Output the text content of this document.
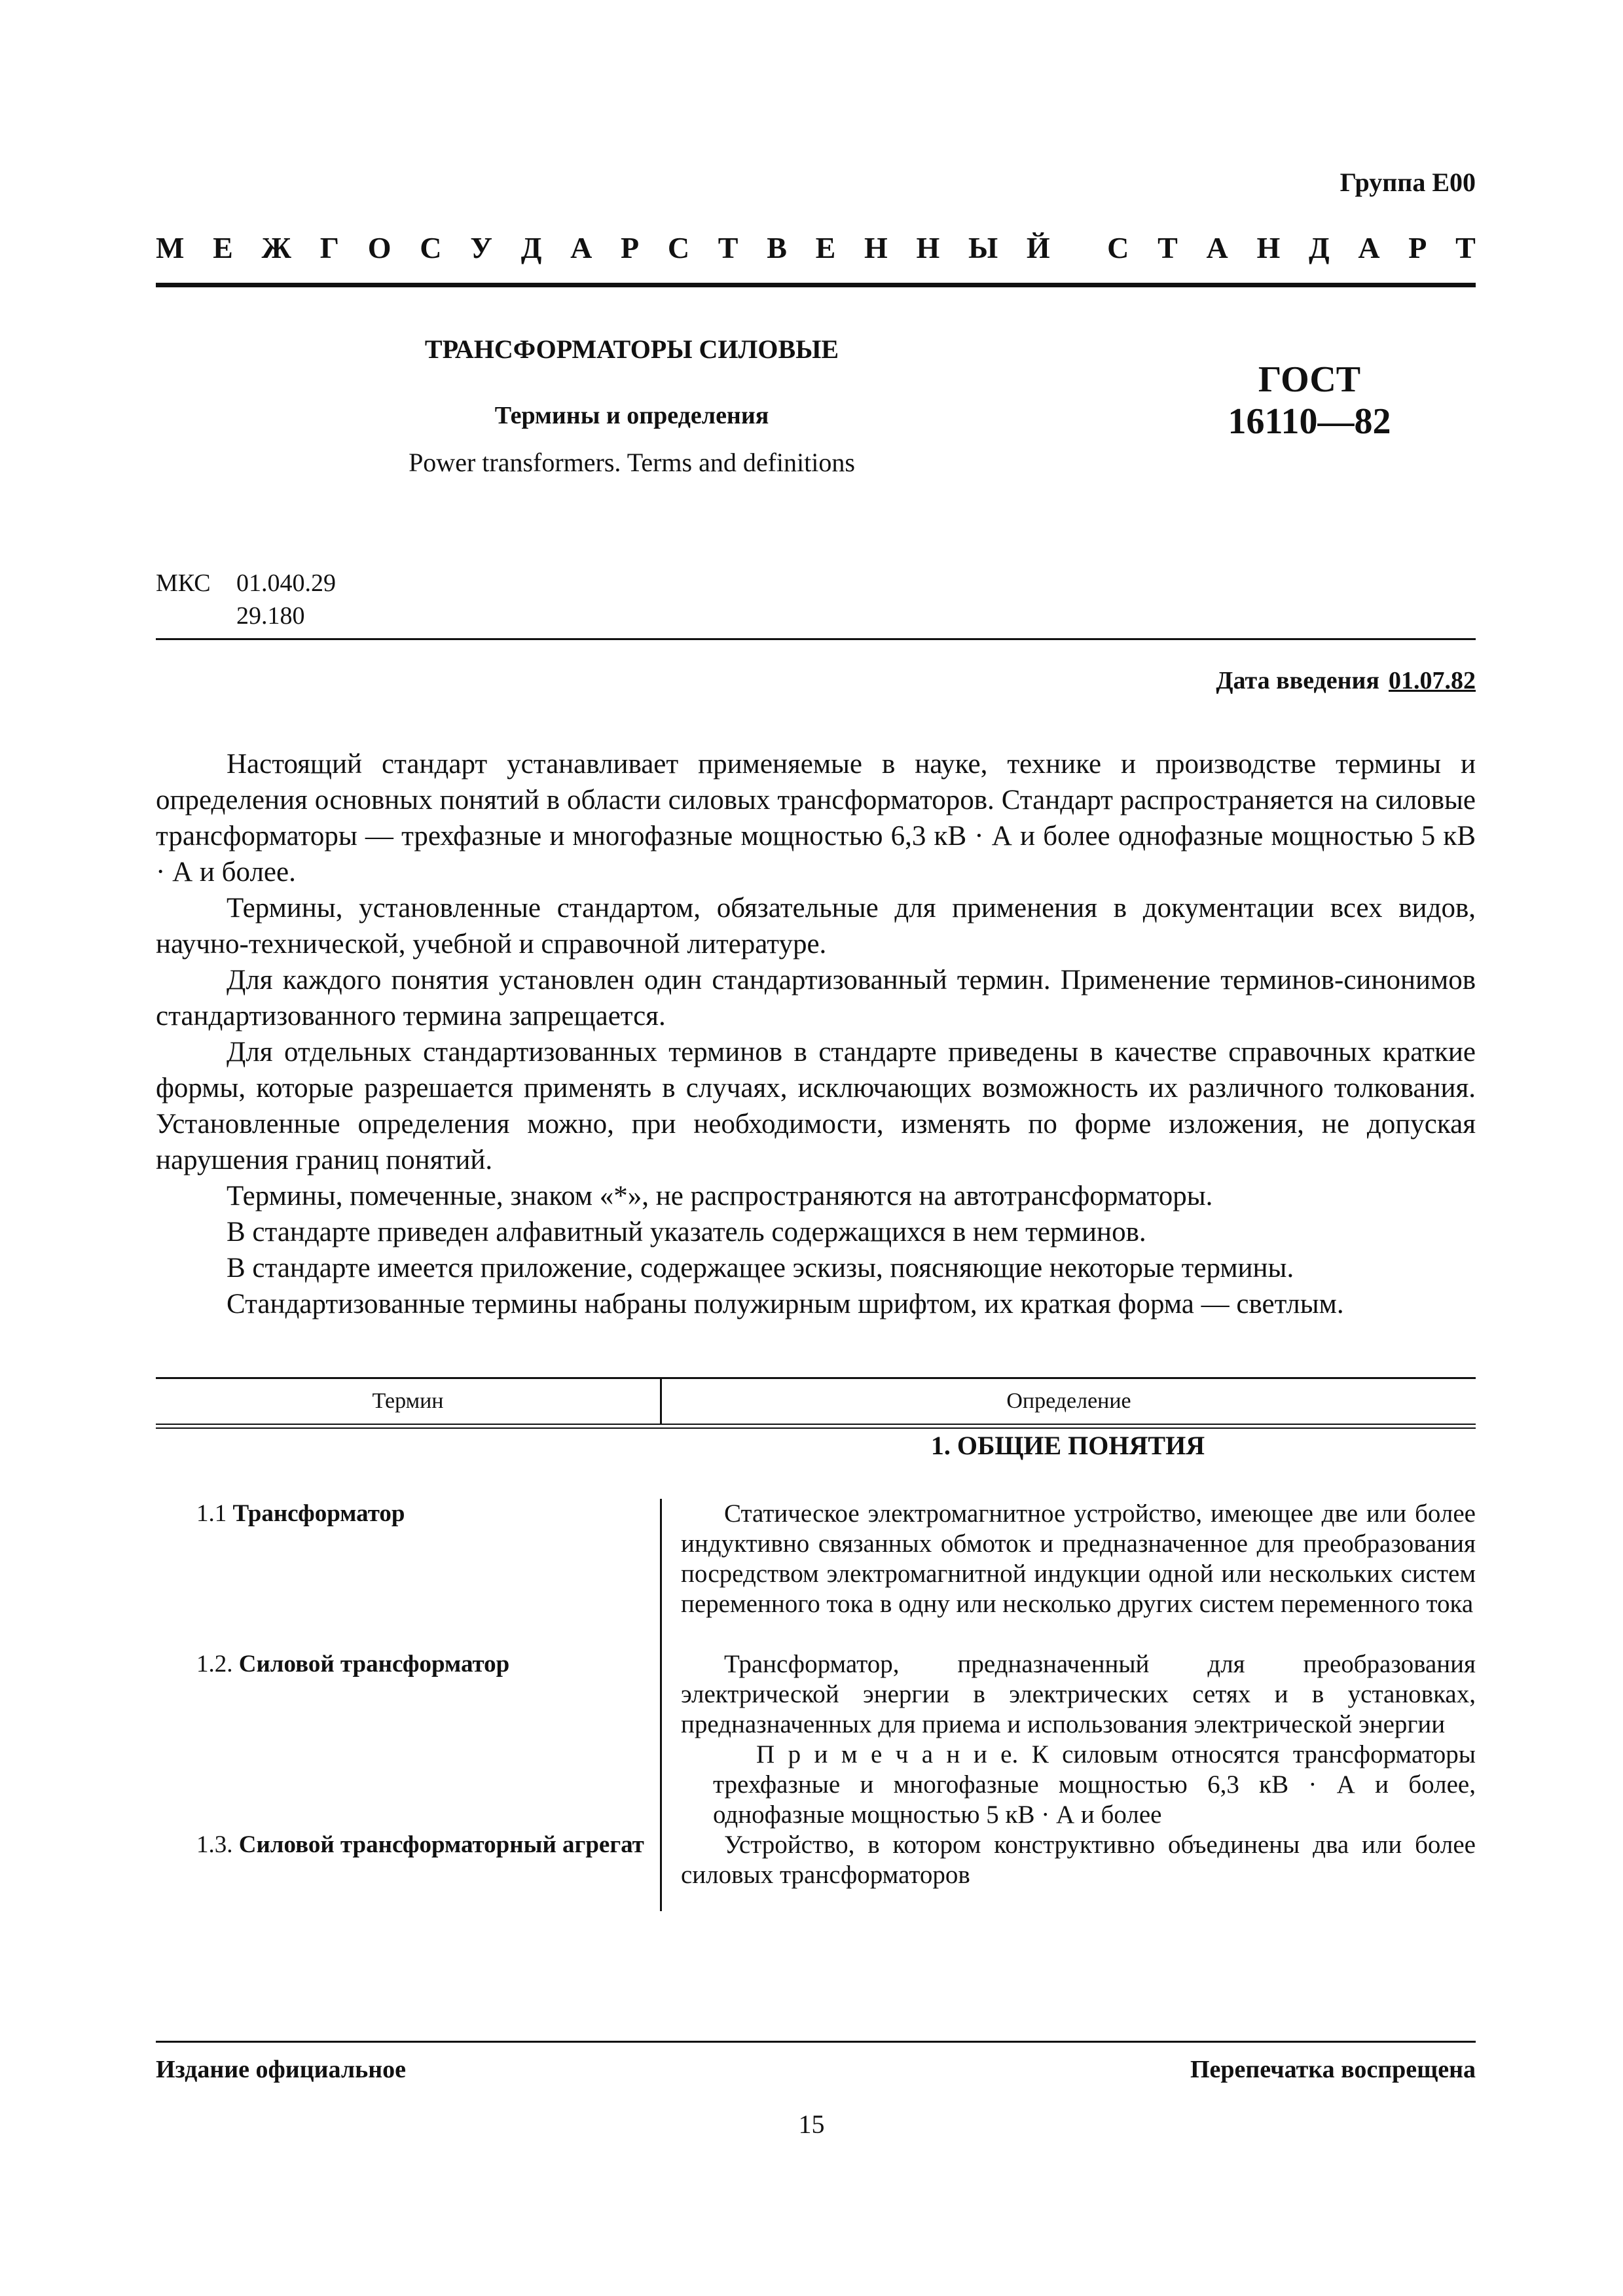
Группа Е00
М Е Ж Г О С У Д А Р С Т В Е Н Н Ы Й С Т А Н Д А Р Т
ТРАНСФОРМАТОРЫ СИЛОВЫЕ
Термины и определения
Power transformers. Terms and definitions
ГОСТ
16110—82
МКС 01.040.29
29.180
Дата введения 01.07.82

Настоящий стандарт устанавливает применяемые в науке, технике и производстве термины и определения основных понятий в области силовых трансформаторов. Стандарт распространяется на силовые трансформаторы — трехфазные и многофазные мощностью 6,3 кВ · А и более однофазные мощностью 5 кВ · А и более.

Термины, установленные стандартом, обязательные для применения в документации всех видов, научно-технической, учебной и справочной литературе.

Для каждого понятия установлен один стандартизованный термин. Применение терминов-синонимов стандартизованного термина запрещается.

Для отдельных стандартизованных терминов в стандарте приведены в качестве справочных краткие формы, которые разрешается применять в случаях, исключающих возможность их различного толкования. Установленные определения можно, при необходимости, изменять по форме изложения, не допуская нарушения границ понятий.

Термины, помеченные, знаком «*», не распространяются на автотрансформаторы.

В стандарте приведен алфавитный указатель содержащихся в нем терминов.

В стандарте имеется приложение, содержащее эскизы, поясняющие некоторые термины.

Стандартизованные термины набраны полужирным шрифтом, их краткая форма — светлым.

Термин	Определение
1. ОБЩИЕ ПОНЯТИЯ
1.1 Трансформатор	Статическое электромагнитное устройство, имеющее две или более индуктивно связанных обмоток и предназначенное для преобразования посредством электромагнитной индукции одной или нескольких систем переменного тока в одну или несколько других систем переменного тока

1.2. Силовой трансформатор	Трансформатор, предназначенный для преобразования электрической энергии в электрических сетях и в установках, предназначенных для приема и использования электрической энергии

П р и м е ч а н и е. К силовым относятся трансформаторы трехфазные и многофазные мощностью 6,3 кВ · А и более, однофазные мощностью 5 кВ · А и более

1.3. Силовой трансформаторный агрегат	Устройство, в котором конструктивно объединены два или более силовых трансформаторов

Издание официальное	Перепечатка воспрещена
15
